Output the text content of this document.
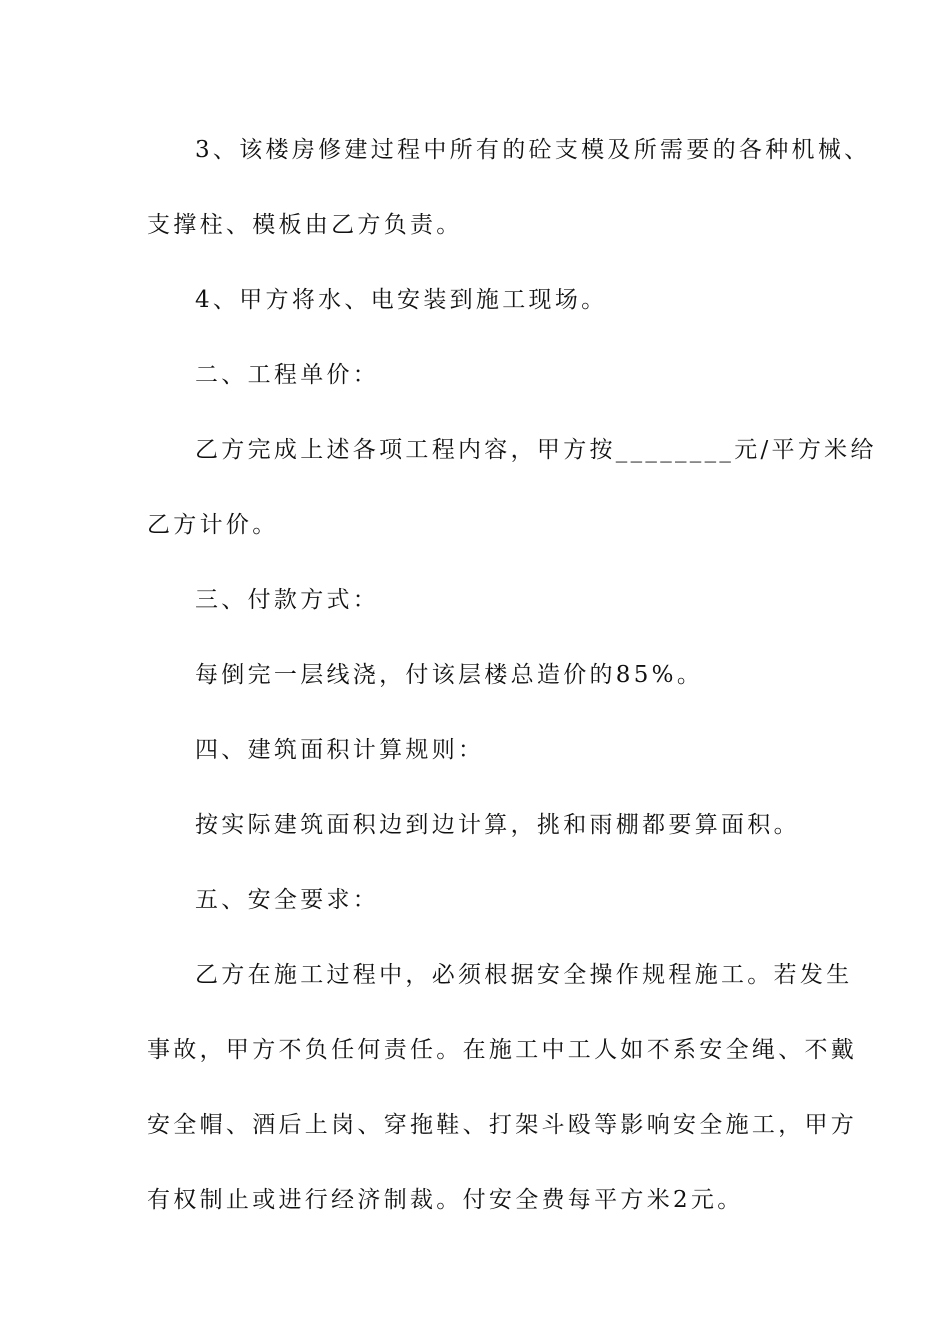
3、该楼房修建过程中所有的砼支模及所需要的各种机械、
支撑柱、模板由乙方负责。
4、甲方将水、电安装到施工现场。
二、工程单价：
乙方完成上述各项工程内容，甲方按________元/平方米给
乙方计价。
三、付款方式：
每倒完一层线浇，付该层楼总造价的85%。
四、建筑面积计算规则：
按实际建筑面积边到边计算，挑和雨棚都要算面积。
五、安全要求：
乙方在施工过程中，必须根据安全操作规程施工。若发生
事故，甲方不负任何责任。在施工中工人如不系安全绳、不戴
安全帽、酒后上岗、穿拖鞋、打架斗殴等影响安全施工，甲方
有权制止或进行经济制裁。付安全费每平方米2元。
